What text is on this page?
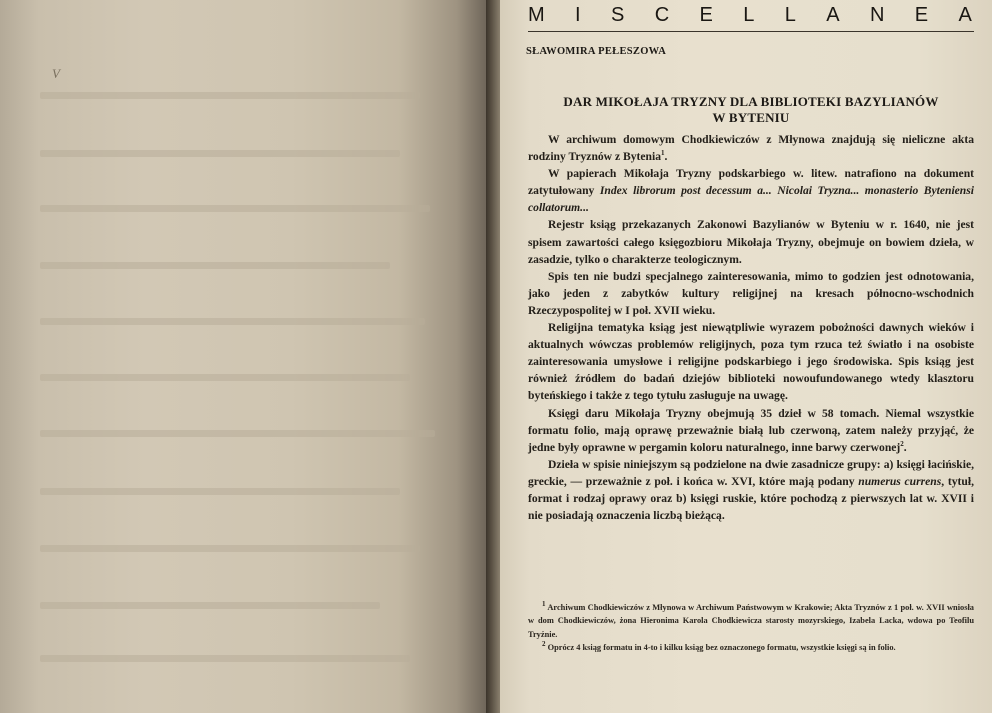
V
M I S C E L L A N E A
SŁAWOMIRA PEŁESZOWA
DAR MIKOŁAJA TRYZNY DLA BIBLIOTEKI BAZYLIANÓW
W BYTENIU

W archiwum domowym Chodkiewiczów z Młynowa znajdują się nieliczne akta rodziny Tryznów z Bytenia$^1$.

W papierach Mikołaja Tryzny podskarbiego w. litew. natrafiono na dokument zatytułowany Index librorum post decessum a... Nicolai Tryzna... monasterio Byteniensi collatorum...

Rejestr ksiąg przekazanych Zakonowi Bazylianów w Byteniu w r. 1640, nie jest spisem zawartości całego księgozbioru Mikołaja Tryzny, obejmuje on bowiem dzieła, w zasadzie, tylko o charakterze teologicznym.

Spis ten nie budzi specjalnego zainteresowania, mimo to godzien jest odnotowania, jako jeden z zabytków kultury religijnej na kresach północno-wschodnich Rzeczypospolitej w I poł. XVII wieku.

Religijna tematyka ksiąg jest niewątpliwie wyrazem pobożności dawnych wieków i aktualnych wówczas problemów religijnych, poza tym rzuca też światło i na osobiste zainteresowania umysłowe i religijne podskarbiego i jego środowiska. Spis ksiąg jest również źródłem do badań dziejów biblioteki nowoufundowanego wtedy klasztoru byteńskiego i także z tego tytułu zasługuje na uwagę.

Księgi daru Mikołaja Tryzny obejmują 35 dzieł w 58 tomach. Niemal wszystkie formatu folio, mają oprawę przeważnie białą lub czerwoną, zatem należy przyjąć, że jedne były oprawne w pergamin koloru naturalnego, inne barwy czerwonej$^2$.

Dzieła w spisie niniejszym są podzielone na dwie zasadnicze grupy: a) księgi łacińskie, greckie, — przeważnie z poł. i końca w. XVI, które mają podany numerus currens, tytuł, format i rodzaj oprawy oraz b) księgi ruskie, które pochodzą z pierwszych lat w. XVII i nie posiadają oznaczenia liczbą bieżącą.

$^1$ Archiwum Chodkiewiczów z Młynowa w Archiwum Państwowym w Krakowie; Akta Tryznów z 1 poł. w. XVII wniosła w dom Chodkiewiczów, żona Hieronima Karola Chodkiewicza starosty mozyrskiego, Izabela Lacka, wdowa po Teofilu Tryźnie.

$^2$ Oprócz 4 ksiąg formatu in 4-to i kilku ksiąg bez oznaczonego formatu, wszystkie księgi są in folio.
